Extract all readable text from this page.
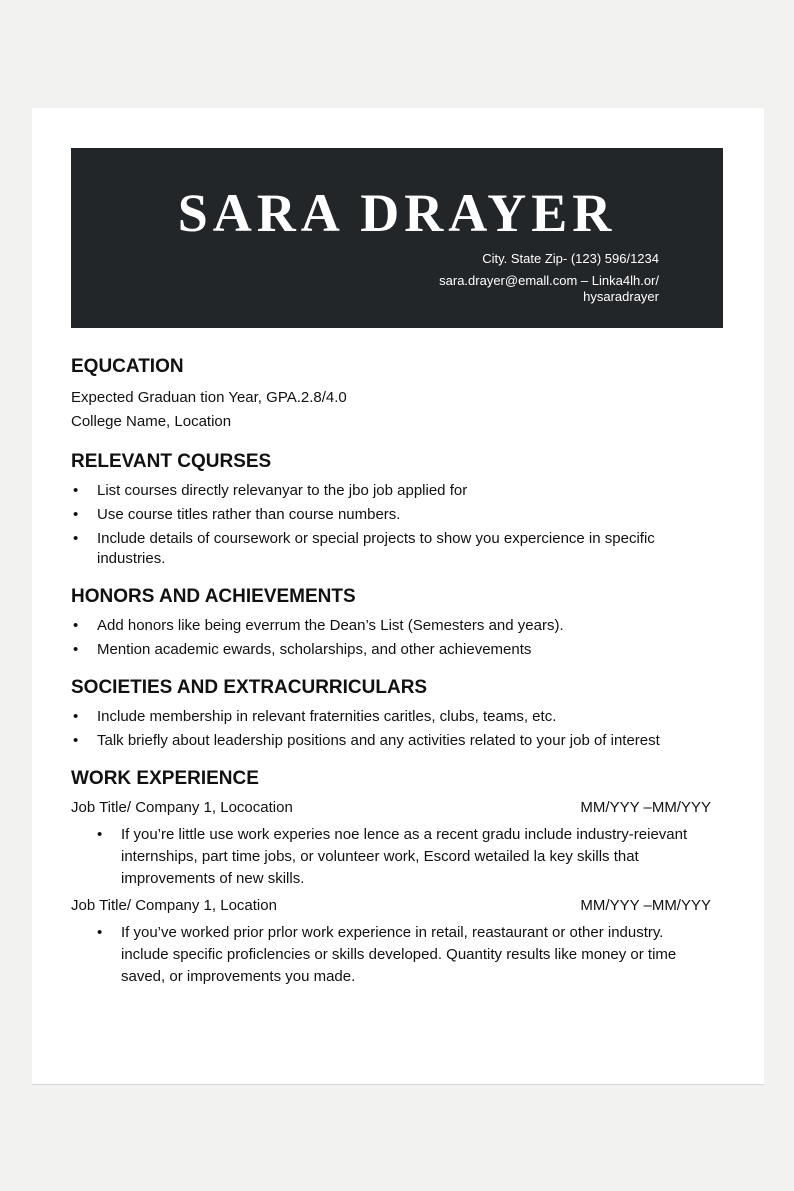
SARA DRAYER
City. State Zip- (123) 596/1234
sara.drayer@emall.com – Linka4lh.or/
hysaradrayer
EQUCATION
Expected Graduan tion Year, GPA.2.8/4.0
College Name, Location
RELEVANT CQURSES
• List courses directly relevanyar to the jbo job applied for
• Use course titles rather than course numbers.
• Include details of coursework or special projects to show you expercience in specific industries.
HONORS AND ACHIEVEMENTS
• Add honors like being everrum the Dean’s List (Semesters and years).
• Mention academic ewards, scholarships, and other achievements
SOCIETIES AND EXTRACURRICULARS
• Include membership in relevant fraternities caritles, clubs, teams, etc.
• Talk briefly about leadership positions and any activities related to your job of interest
WORK EXPERIENCE
Job Title/ Company 1, Lococation	MM/YYY –MM/YYY
• If you’re little use work experies noe lence as a recent gradu include industry-reievant internships, part time jobs, or volunteer work, Escord wetailed la key skills that improvements of new skills.
Job Title/ Company 1, Location	MM/YYY –MM/YYY
• If you’ve worked prior prlor work experience in retail, reastaurant or other industry. include specific proficlencies or skills developed. Quantity results like money or time saved, or improvements you made.
